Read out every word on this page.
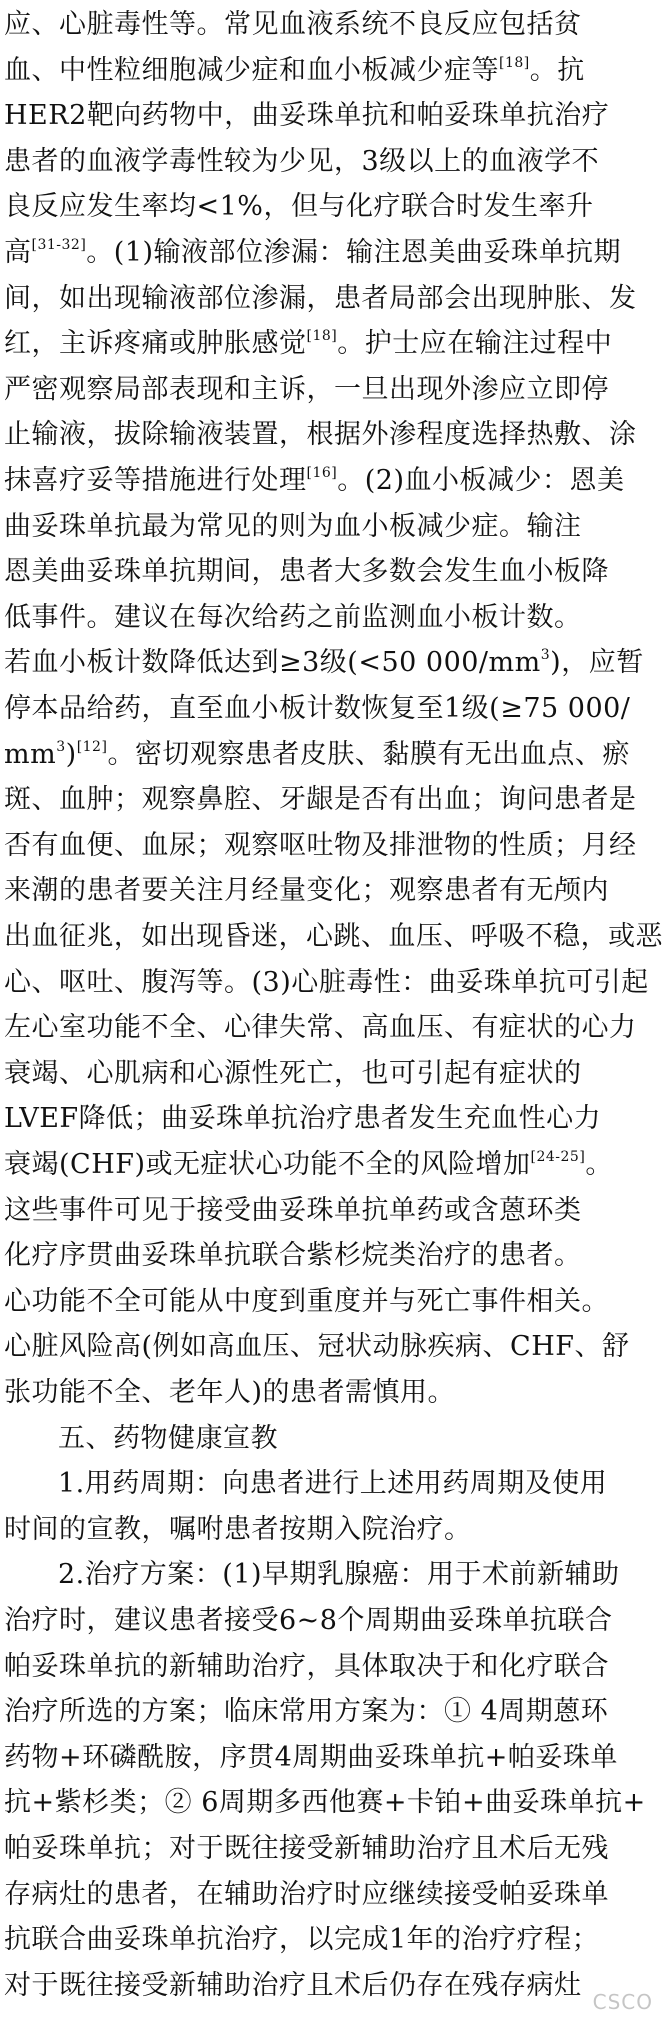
应、心脏毒性等。常见血液系统不良反应包括贫
血、中性粒细胞减少症和血小板减少症等[18]。抗
HER2靶向药物中，曲妥珠单抗和帕妥珠单抗治疗
患者的血液学毒性较为少见，3级以上的血液学不
良反应发生率均<1%，但与化疗联合时发生率升
高[31-32]。(1)输液部位渗漏：输注恩美曲妥珠单抗期
间，如出现输液部位渗漏，患者局部会出现肿胀、发
红，主诉疼痛或肿胀感觉[18]。护士应在输注过程中
严密观察局部表现和主诉，一旦出现外渗应立即停
止输液，拔除输液装置，根据外渗程度选择热敷、涂
抹喜疗妥等措施进行处理[16]。(2)血小板减少：恩美
曲妥珠单抗最为常见的则为血小板减少症。输注
恩美曲妥珠单抗期间，患者大多数会发生血小板降
低事件。建议在每次给药之前监测血小板计数。
若血小板计数降低达到≥3级(<50 $000/mm^3$)，应暂
停本品给药，直至血小板计数恢复至1级(≥75 000/
$mm^3)[12]$。密切观察患者皮肤、黏膜有无出血点、瘀
斑、血肿；观察鼻腔、牙龈是否有出血；询问患者是
否有血便、血尿；观察呕吐物及排泄物的性质；月经
来潮的患者要关注月经量变化；观察患者有无颅内
出血征兆，如出现昏迷，心跳、血压、呼吸不稳，或恶
心、呕吐、腹泻等。(3)心脏毒性：曲妥珠单抗可引起
左心室功能不全、心律失常、高血压、有症状的心力
衰竭、心肌病和心源性死亡，也可引起有症状的
LVEF降低；曲妥珠单抗治疗患者发生充血性心力
衰竭(CHF)或无症状心功能不全的风险增加[24-25]。
这些事件可见于接受曲妥珠单抗单药或含蒽环类
化疗序贯曲妥珠单抗联合紫杉烷类治疗的患者。
心功能不全可能从中度到重度并与死亡事件相关。
心脏风险高(例如高血压、冠状动脉疾病、CHF、舒
张功能不全、老年人)的患者需慎用。
五、药物健康宣教
1.用药周期：向患者进行上述用药周期及使用
时间的宣教，嘱咐患者按期入院治疗。
2.治疗方案：(1)早期乳腺癌：用于术前新辅助
治疗时，建议患者接受6~8个周期曲妥珠单抗联合
帕妥珠单抗的新辅助治疗，具体取决于和化疗联合
治疗所选的方案；临床常用方案为：① 4周期蒽环
药物+环磷酰胺，序贯4周期曲妥珠单抗+帕妥珠单
抗+紫杉类；② 6周期多西他赛+卡铂+曲妥珠单抗+
帕妥珠单抗；对于既往接受新辅助治疗且术后无残
存病灶的患者，在辅助治疗时应继续接受帕妥珠单
抗联合曲妥珠单抗治疗，以完成1年的治疗疗程；
对于既往接受新辅助治疗且术后仍存在残存病灶
CSCO
